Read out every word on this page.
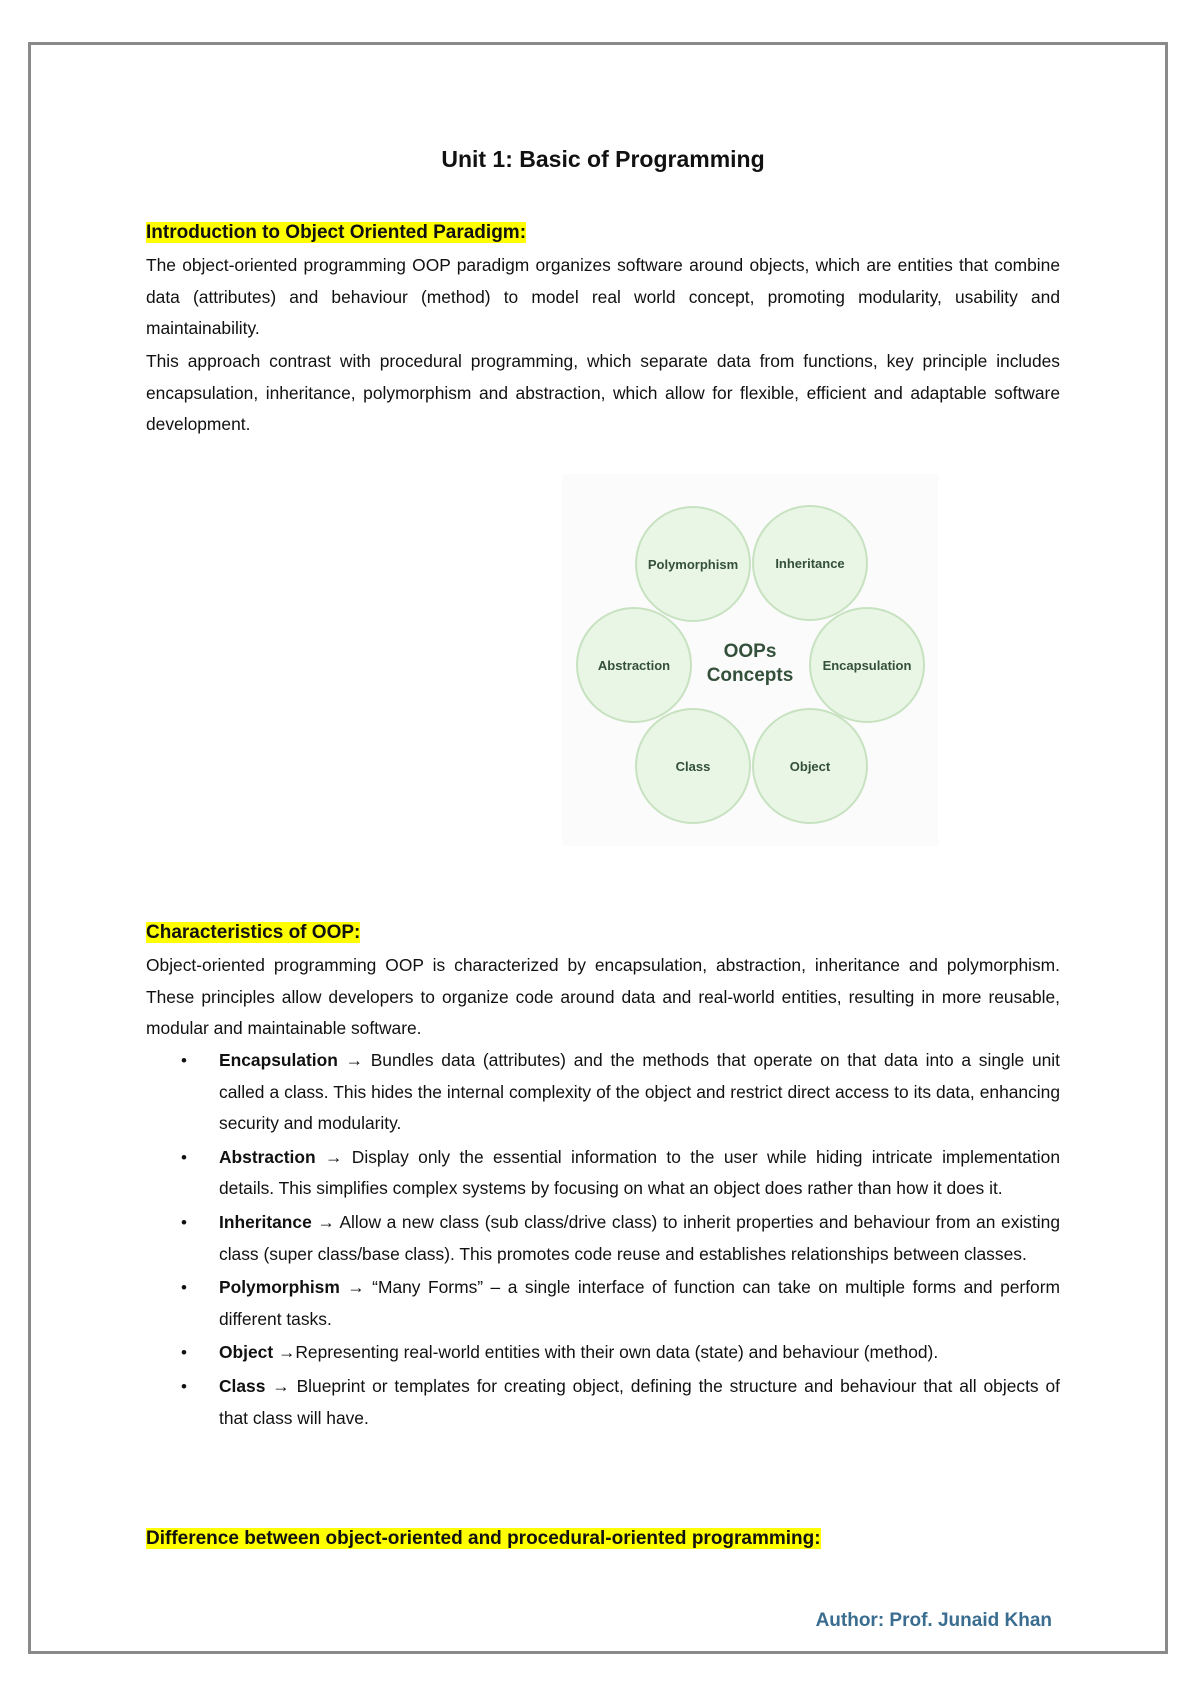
Unit 1: Basic of Programming
Introduction to Object Oriented Paradigm:

The object-oriented programming OOP paradigm organizes software around objects, which are entities that combine data (attributes) and behaviour (method) to model real world concept, promoting modularity, usability and maintainability.

This approach contrast with procedural programming, which separate data from functions, key principle includes encapsulation, inheritance, polymorphism and abstraction, which allow for flexible, efficient and adaptable software development.

Polymorphism	Inheritance
Encapsulation
Object
Class
Abstraction
OOPs
Concepts
Characteristics of OOP:

Object-oriented programming OOP is characterized by encapsulation, abstraction, inheritance and polymorphism. These principles allow developers to organize code around data and real-world entities, resulting in more reusable, modular and maintainable software.

• Encapsulation → Bundles data (attributes) and the methods that operate on that data into a single unit called a class. This hides the internal complexity of the object and restrict direct access to its data, enhancing security and modularity.
• Abstraction → Display only the essential information to the user while hiding intricate implementation details. This simplifies complex systems by focusing on what an object does rather than how it does it.
• Inheritance → Allow a new class (sub class/drive class) to inherit properties and behaviour from an existing class (super class/base class). This promotes code reuse and establishes relationships between classes.
• Polymorphism → “Many Forms” – a single interface of function can take on multiple forms and perform different tasks.
• Object →Representing real-world entities with their own data (state) and behaviour (method).
• Class → Blueprint or templates for creating object, defining the structure and behaviour that all objects of that class will have.
Difference between object-oriented and procedural-oriented programming:
Author: Prof. Junaid Khan
